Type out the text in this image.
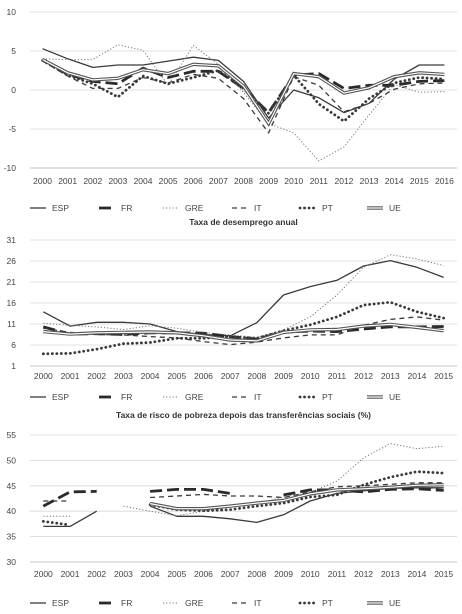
-10
-5
0
5
10
2000 2001 2002 2003 2004 2005 2006 2007 2008 2009 2010 2011 2012 2013 2014 2015 2016
ESP	FR	GRE	IT	PT	UE
Taxa de desemprego anual
1
6
11
16
21
26
31
2000 2001 2002 2003 2004 2005 2006 2007 2008 2009 2010 2011 2012 2013 2014 2015
ESP	FR	GRE	IT	PT	UE
Taxa de risco de pobreza depois das transferências sociais (%)
30
35
40
45
50
55
2000 2001 2002 2003 2004 2005 2006 2007 2008 2009 2010 2011 2012 2013 2014 2015
ESP	FR	GRE	IT	PT	UE
